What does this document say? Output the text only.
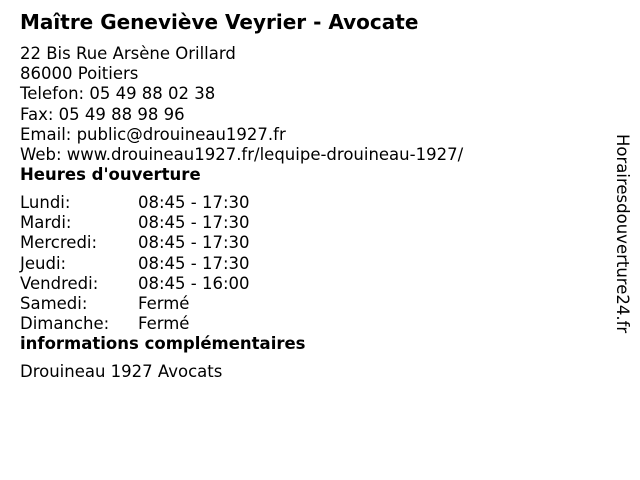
Maître Geneviève Veyrier - Avocate
22 Bis Rue Arsène Orillard
86000 Poitiers
Telefon: 05 49 88 02 38
Fax: 05 49 88 98 96
Email: public@drouineau1927.fr
Web: www.drouineau1927.fr/lequipe-drouineau-1927/
Heures d'ouverture
Lundi:	08:45 - 17:30
Mardi:	08:45 - 17:30
Mercredi:	08:45 - 17:30
Jeudi:	08:45 - 17:30
Vendredi:	08:45 - 16:00
Samedi:	Fermé
Dimanche:	Fermé
informations complémentaires
Drouineau 1927 Avocats
Horairesdouverture24.fr
